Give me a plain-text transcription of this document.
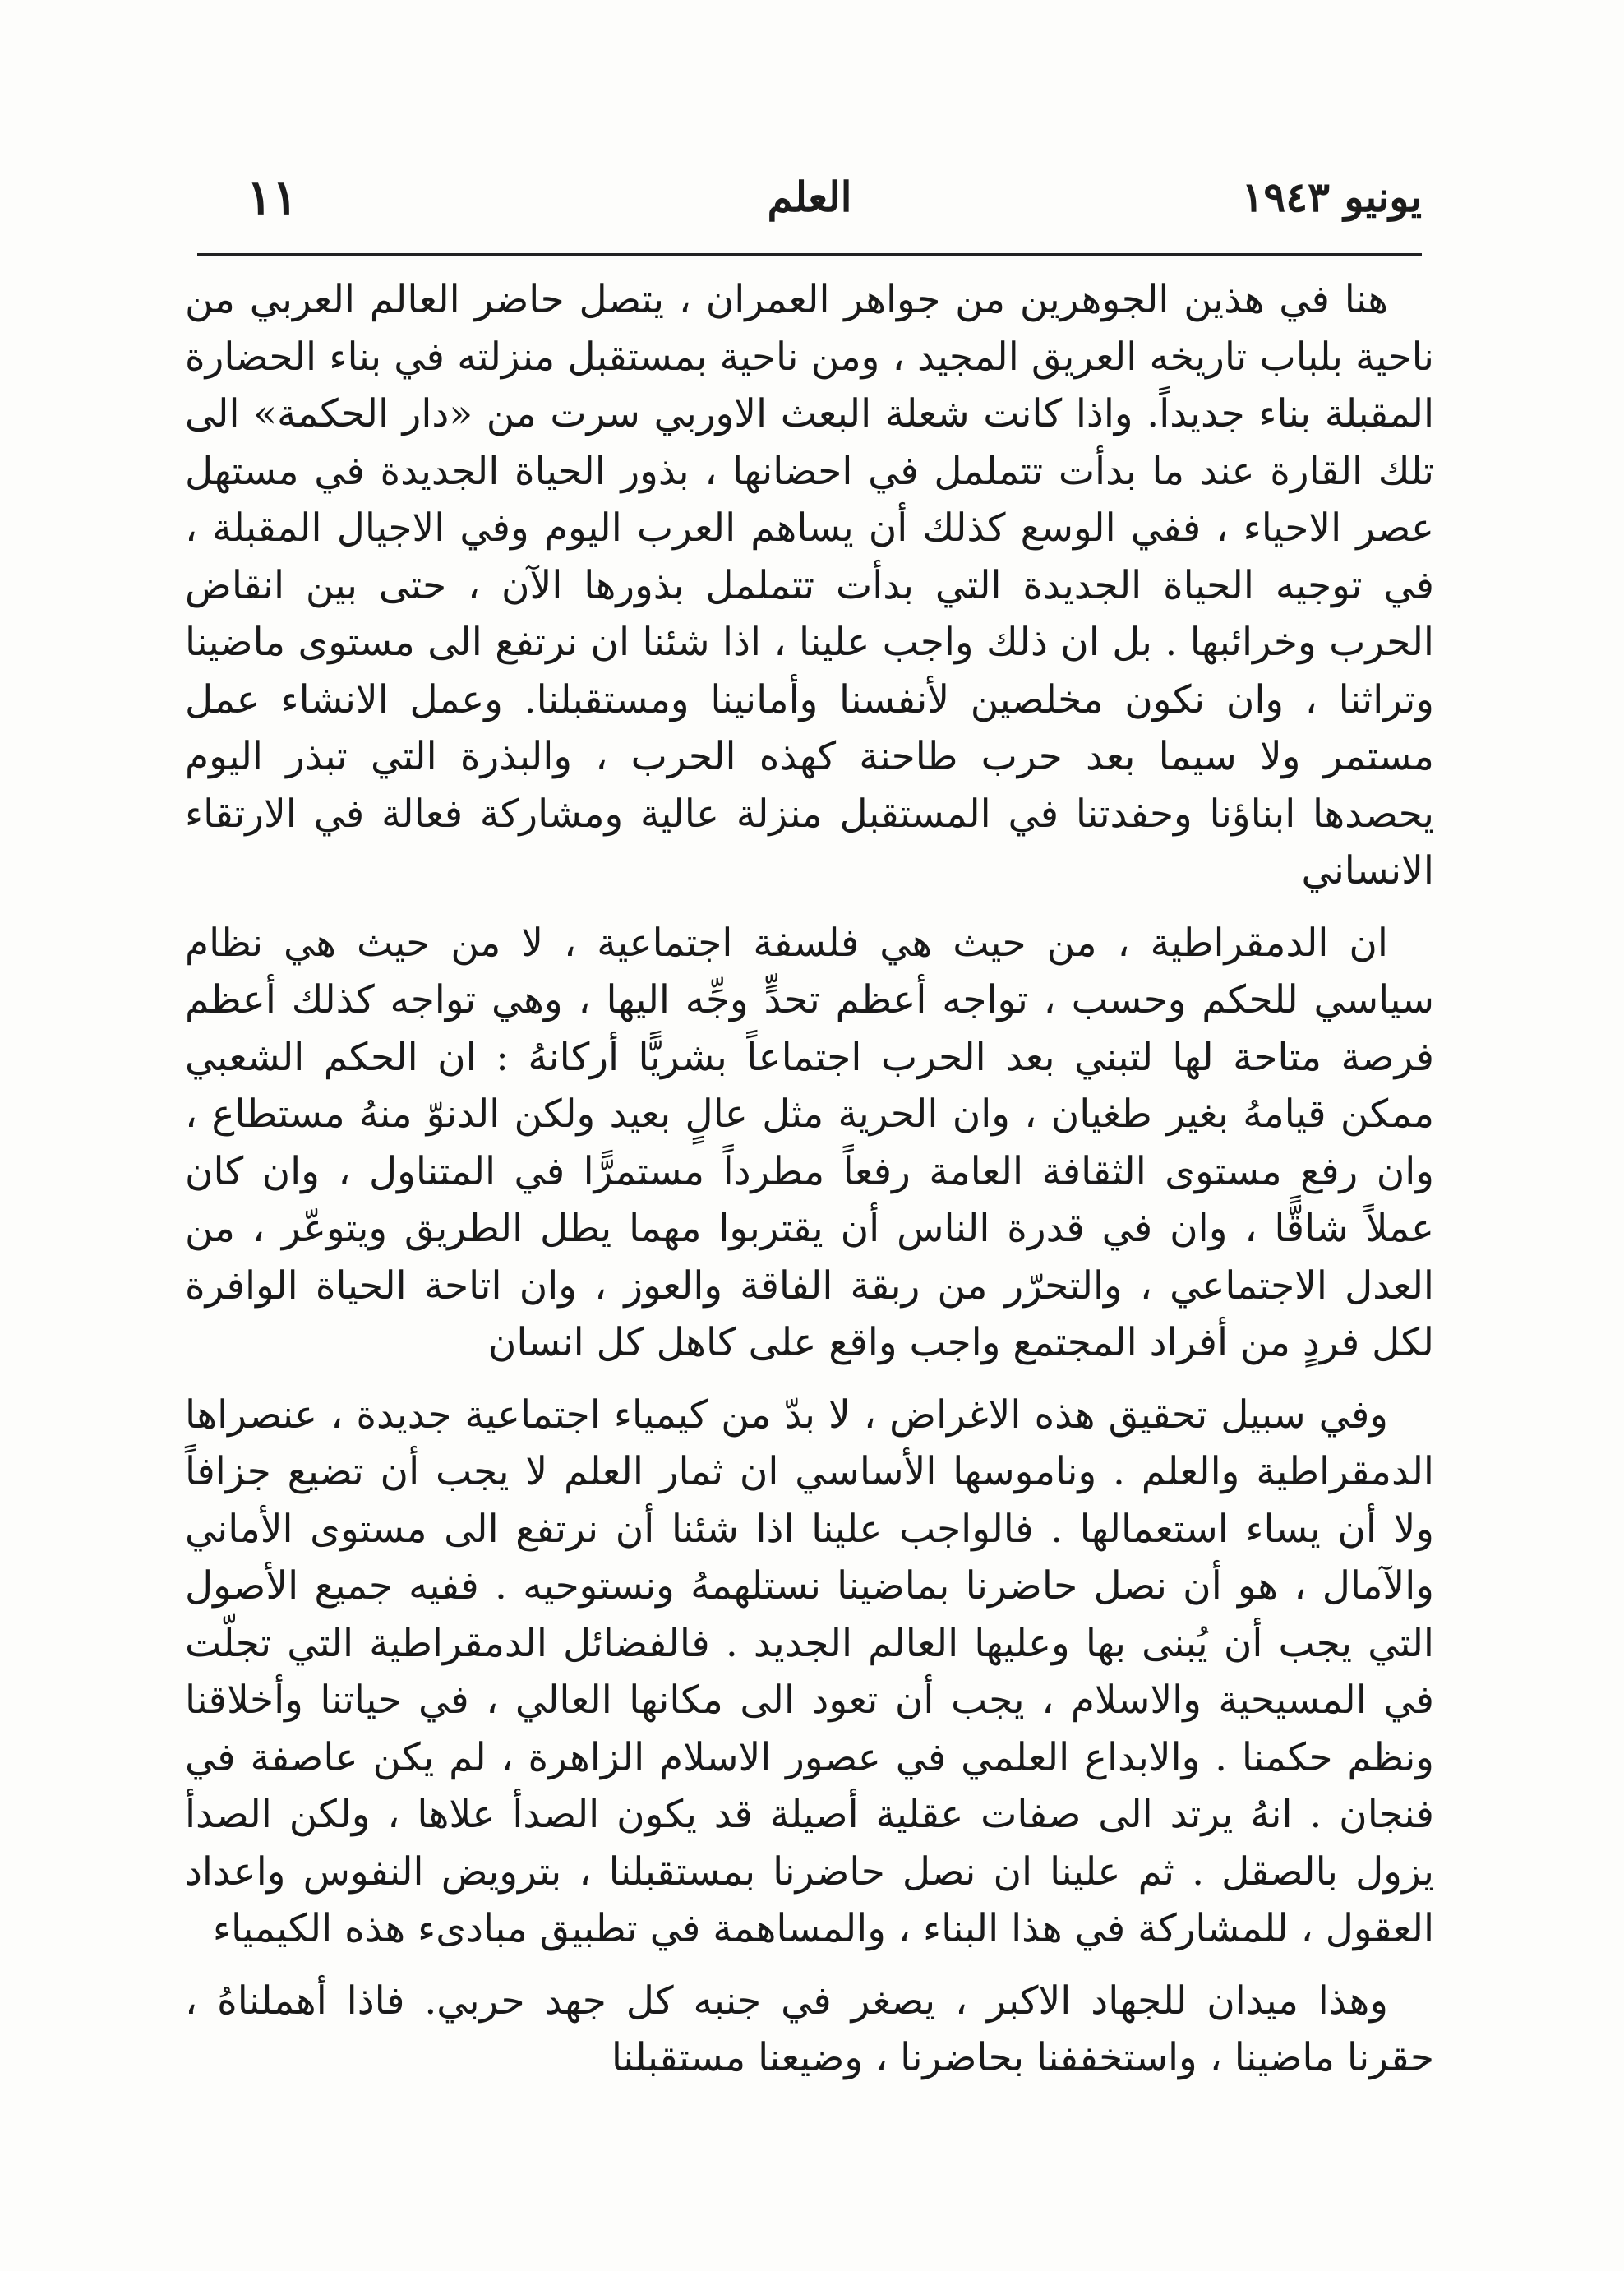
يونيو ١٩٤٣
العلم
١١

هنا في هذين الجوهرين من جواهر العمران ، يتصل حاضر العالم العربي من ناحية بلباب تاريخه العريق المجيد ، ومن ناحية بمستقبل منزلته في بناء الحضارة المقبلة بناء جديداً. واذا كانت شعلة البعث الاوربي سرت من «دار الحكمة» الى تلك القارة عند ما بدأت تتململ في احضانها ، بذور الحياة الجديدة في مستهل عصر الاحياء ، ففي الوسع كذلك أن يساهم العرب اليوم وفي الاجيال المقبلة ، في توجيه الحياة الجديدة التي بدأت تتململ بذورها الآن ، حتى بين انقاض الحرب وخرائبها . بل ان ذلك واجب علينا ، اذا شئنا ان نرتفع الى مستوى ماضينا وتراثنا ، وان نكون مخلصين لأنفسنا وأمانينا ومستقبلنا. وعمل الانشاء عمل مستمر ولا سيما بعد حرب طاحنة كهذه الحرب ، والبذرة التي تبذر اليوم يحصدها ابناؤنا وحفدتنا في المستقبل منزلة عالية ومشاركة فعالة في الارتقاء الانساني

ان الدمقراطية ، من حيث هي فلسفة اجتماعية ، لا من حيث هي نظام سياسي للحكم وحسب ، تواجه أعظم تحدٍّ وجِّه اليها ، وهي تواجه كذلك أعظم فرصة متاحة لها لتبني بعد الحرب اجتماعاً بشريًّا أركانهُ : ان الحكم الشعبي ممكن قيامهُ بغير طغيان ، وان الحرية مثل عالٍ بعيد ولكن الدنوّ منهُ مستطاع ، وان رفع مستوى الثقافة العامة رفعاً مطرداً مستمرًّا في المتناول ، وان كان عملاً شاقًّا ، وان في قدرة الناس أن يقتربوا مهما يطل الطريق ويتوعّر ، من العدل الاجتماعي ، والتحرّر من ربقة الفاقة والعوز ، وان اتاحة الحياة الوافرة لكل فردٍ من أفراد المجتمع واجب واقع على كاهل كل انسان

وفي سبيل تحقيق هذه الاغراض ، لا بدّ من كيمياء اجتماعية جديدة ، عنصراها الدمقراطية والعلم . وناموسها الأساسي ان ثمار العلم لا يجب أن تضيع جزافاً ولا أن يساء استعمالها . فالواجب علينا اذا شئنا أن نرتفع الى مستوى الأماني والآمال ، هو أن نصل حاضرنا بماضينا نستلهمهُ ونستوحيه . ففيه جميع الأصول التي يجب أن يُبنى بها وعليها العالم الجديد . فالفضائل الدمقراطية التي تجلّت في المسيحية والاسلام ، يجب أن تعود الى مكانها العالي ، في حياتنا وأخلاقنا ونظم حكمنا . والابداع العلمي في عصور الاسلام الزاهرة ، لم يكن عاصفة في فنجان . انهُ يرتد الى صفات عقلية أصيلة قد يكون الصدأ علاها ، ولكن الصدأ يزول بالصقل . ثم علينا ان نصل حاضرنا بمستقبلنا ، بترويض النفوس واعداد العقول ، للمشاركة في هذا البناء ، والمساهمة في تطبيق مبادىء هذه الكيمياء

وهذا ميدان للجهاد الاكبر ، يصغر في جنبه كل جهد حربي. فاذا أهملناهُ ، حقرنا ماضينا ، واستخففنا بحاضرنا ، وضيعنا مستقبلنا
